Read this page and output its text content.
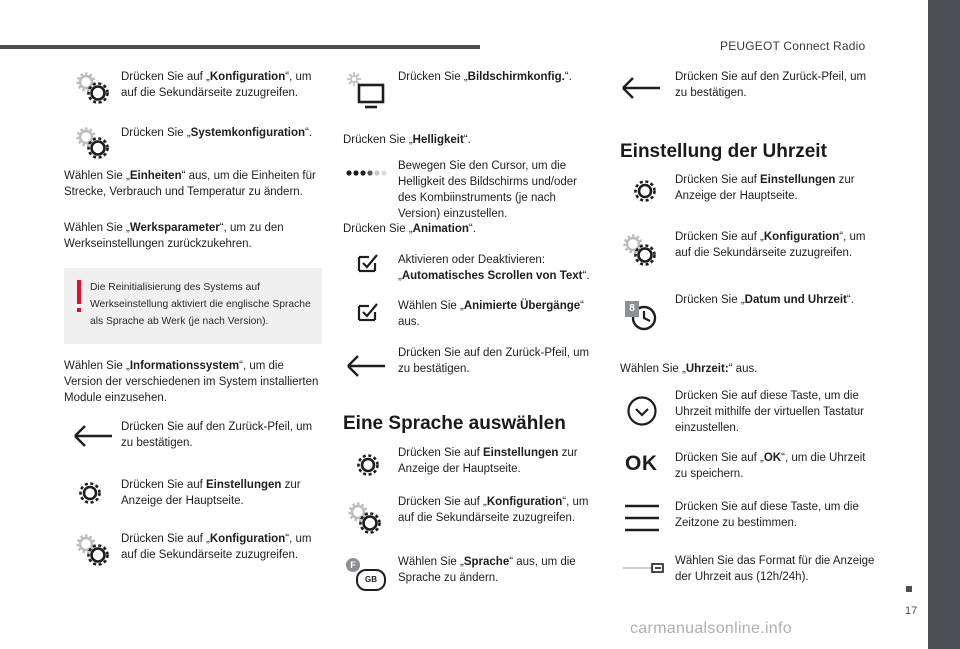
PEUGEOT Connect Radio
17
carmanualsonline.info

Drücken Sie auf „Konfiguration“, um auf die Sekundärseite zuzugreifen.

Drücken Sie „Systemkonfiguration“.

Wählen Sie „Einheiten“ aus, um die Einheiten für Strecke, Verbrauch und Temperatur zu ändern.

Wählen Sie „Werksparameter“, um zu den Werkseinstellungen zurückzukehren.

Die Reinitialisierung des Systems auf Werkseinstellung aktiviert die englische Sprache als Sprache ab Werk (je nach Version).

Wählen Sie „Informationssystem“, um die Version der verschiedenen im System installierten Module einzusehen.

Drücken Sie auf den Zurück-Pfeil, um zu bestätigen.

Drücken Sie auf Einstellungen zur Anzeige der Hauptseite.

Drücken Sie auf „Konfiguration“, um auf die Sekundärseite zuzugreifen.

Drücken Sie „Bildschirmkonfig.“.

Drücken Sie „Helligkeit“.

Bewegen Sie den Cursor, um die Helligkeit des Bildschirms und/oder des Kombiinstruments (je nach Version) einzustellen.

Drücken Sie „Animation“.

Aktivieren oder Deaktivieren: „Automatisches Scrollen von Text“.

Wählen Sie „Animierte Übergänge“ aus.

Drücken Sie auf den Zurück-Pfeil, um zu bestätigen.

Eine Sprache auswählen

Drücken Sie auf Einstellungen zur Anzeige der Hauptseite.

Drücken Sie auf „Konfiguration“, um auf die Sekundärseite zuzugreifen.

F
GB

Wählen Sie „Sprache“ aus, um die Sprache zu ändern.

Drücken Sie auf den Zurück-Pfeil, um zu bestätigen.

Einstellung der Uhrzeit

Drücken Sie auf Einstellungen zur Anzeige der Hauptseite.

Drücken Sie auf „Konfiguration“, um auf die Sekundärseite zuzugreifen.

8

Drücken Sie „Datum und Uhrzeit“.

Wählen Sie „Uhrzeit:“ aus.

Drücken Sie auf diese Taste, um die Uhrzeit mithilfe der virtuellen Tastatur einzustellen.

OK Drücken Sie auf „OK“, um die Uhrzeit zu speichern.

Drücken Sie auf diese Taste, um die Zeitzone zu bestimmen.

Wählen Sie das Format für die Anzeige der Uhrzeit aus (12h/24h).
